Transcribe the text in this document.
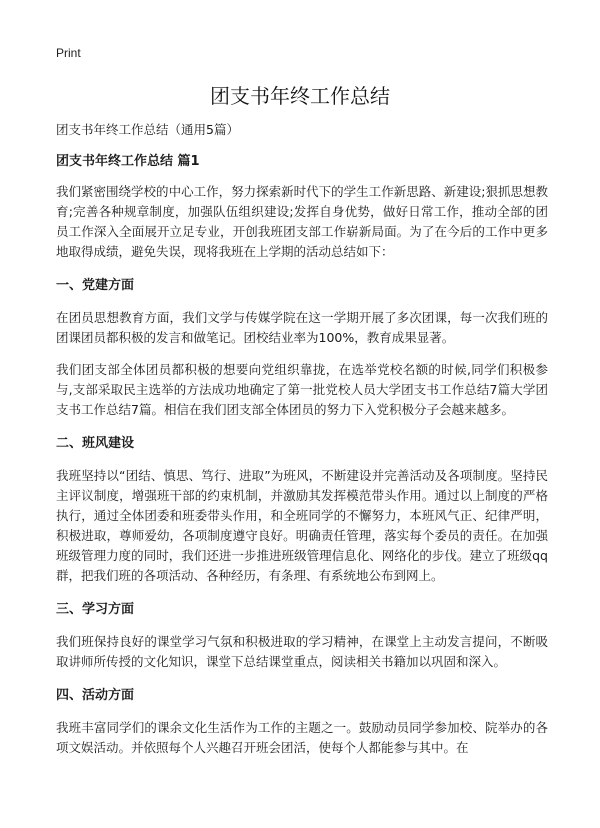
Print
团支书年终工作总结
团支书年终工作总结（通用5篇）
团支书年终工作总结 篇1

我们紧密围绕学校的中心工作，努力探索新时代下的学生工作新思路、新建设;狠抓思想教育;完善各种规章制度，加强队伍组织建设;发挥自身优势，做好日常工作，推动全部的团员工作深入全面展开立足专业，开创我班团支部工作崭新局面。为了在今后的工作中更多地取得成绩，避免失误，现将我班在上学期的活动总结如下：

一、党建方面

在团员思想教育方面，我们文学与传媒学院在这一学期开展了多次团课，每一次我们班的团课团员都积极的发言和做笔记。团校结业率为100%，教育成果显著。

我们团支部全体团员都积极的想要向党组织靠拢，在选举党校名额的时候,同学们积极参与,支部采取民主选举的方法成功地确定了第一批党校人员大学团支书工作总结7篇大学团支书工作总结7篇。相信在我们团支部全体团员的努力下入党积极分子会越来越多。

二、班风建设

我班坚持以“团结、慎思、笃行、进取”为班风，不断建设并完善活动及各项制度。坚持民主评议制度，增强班干部的约束机制，并激励其发挥模范带头作用。通过以上制度的严格执行，通过全体团委和班委带头作用，和全班同学的不懈努力，本班风气正、纪律严明，积极进取，尊师爱幼，各项制度遵守良好。明确责任管理，落实每个委员的责任。在加强班级管理力度的同时，我们还进一步推进班级管理信息化、网络化的步伐。建立了班级qq群，把我们班的各项活动、各种经历，有条理、有系统地公布到网上。

三、学习方面

我们班保持良好的课堂学习气氛和积极进取的学习精神，在课堂上主动发言提问，不断吸取讲师所传授的文化知识，课堂下总结课堂重点，阅读相关书籍加以巩固和深入。

四、活动方面

我班丰富同学们的课余文化生活作为工作的主题之一。鼓励动员同学参加校、院举办的各项文娱活动。并依照每个人兴趣召开班会团活，使每个人都能参与其中。在
